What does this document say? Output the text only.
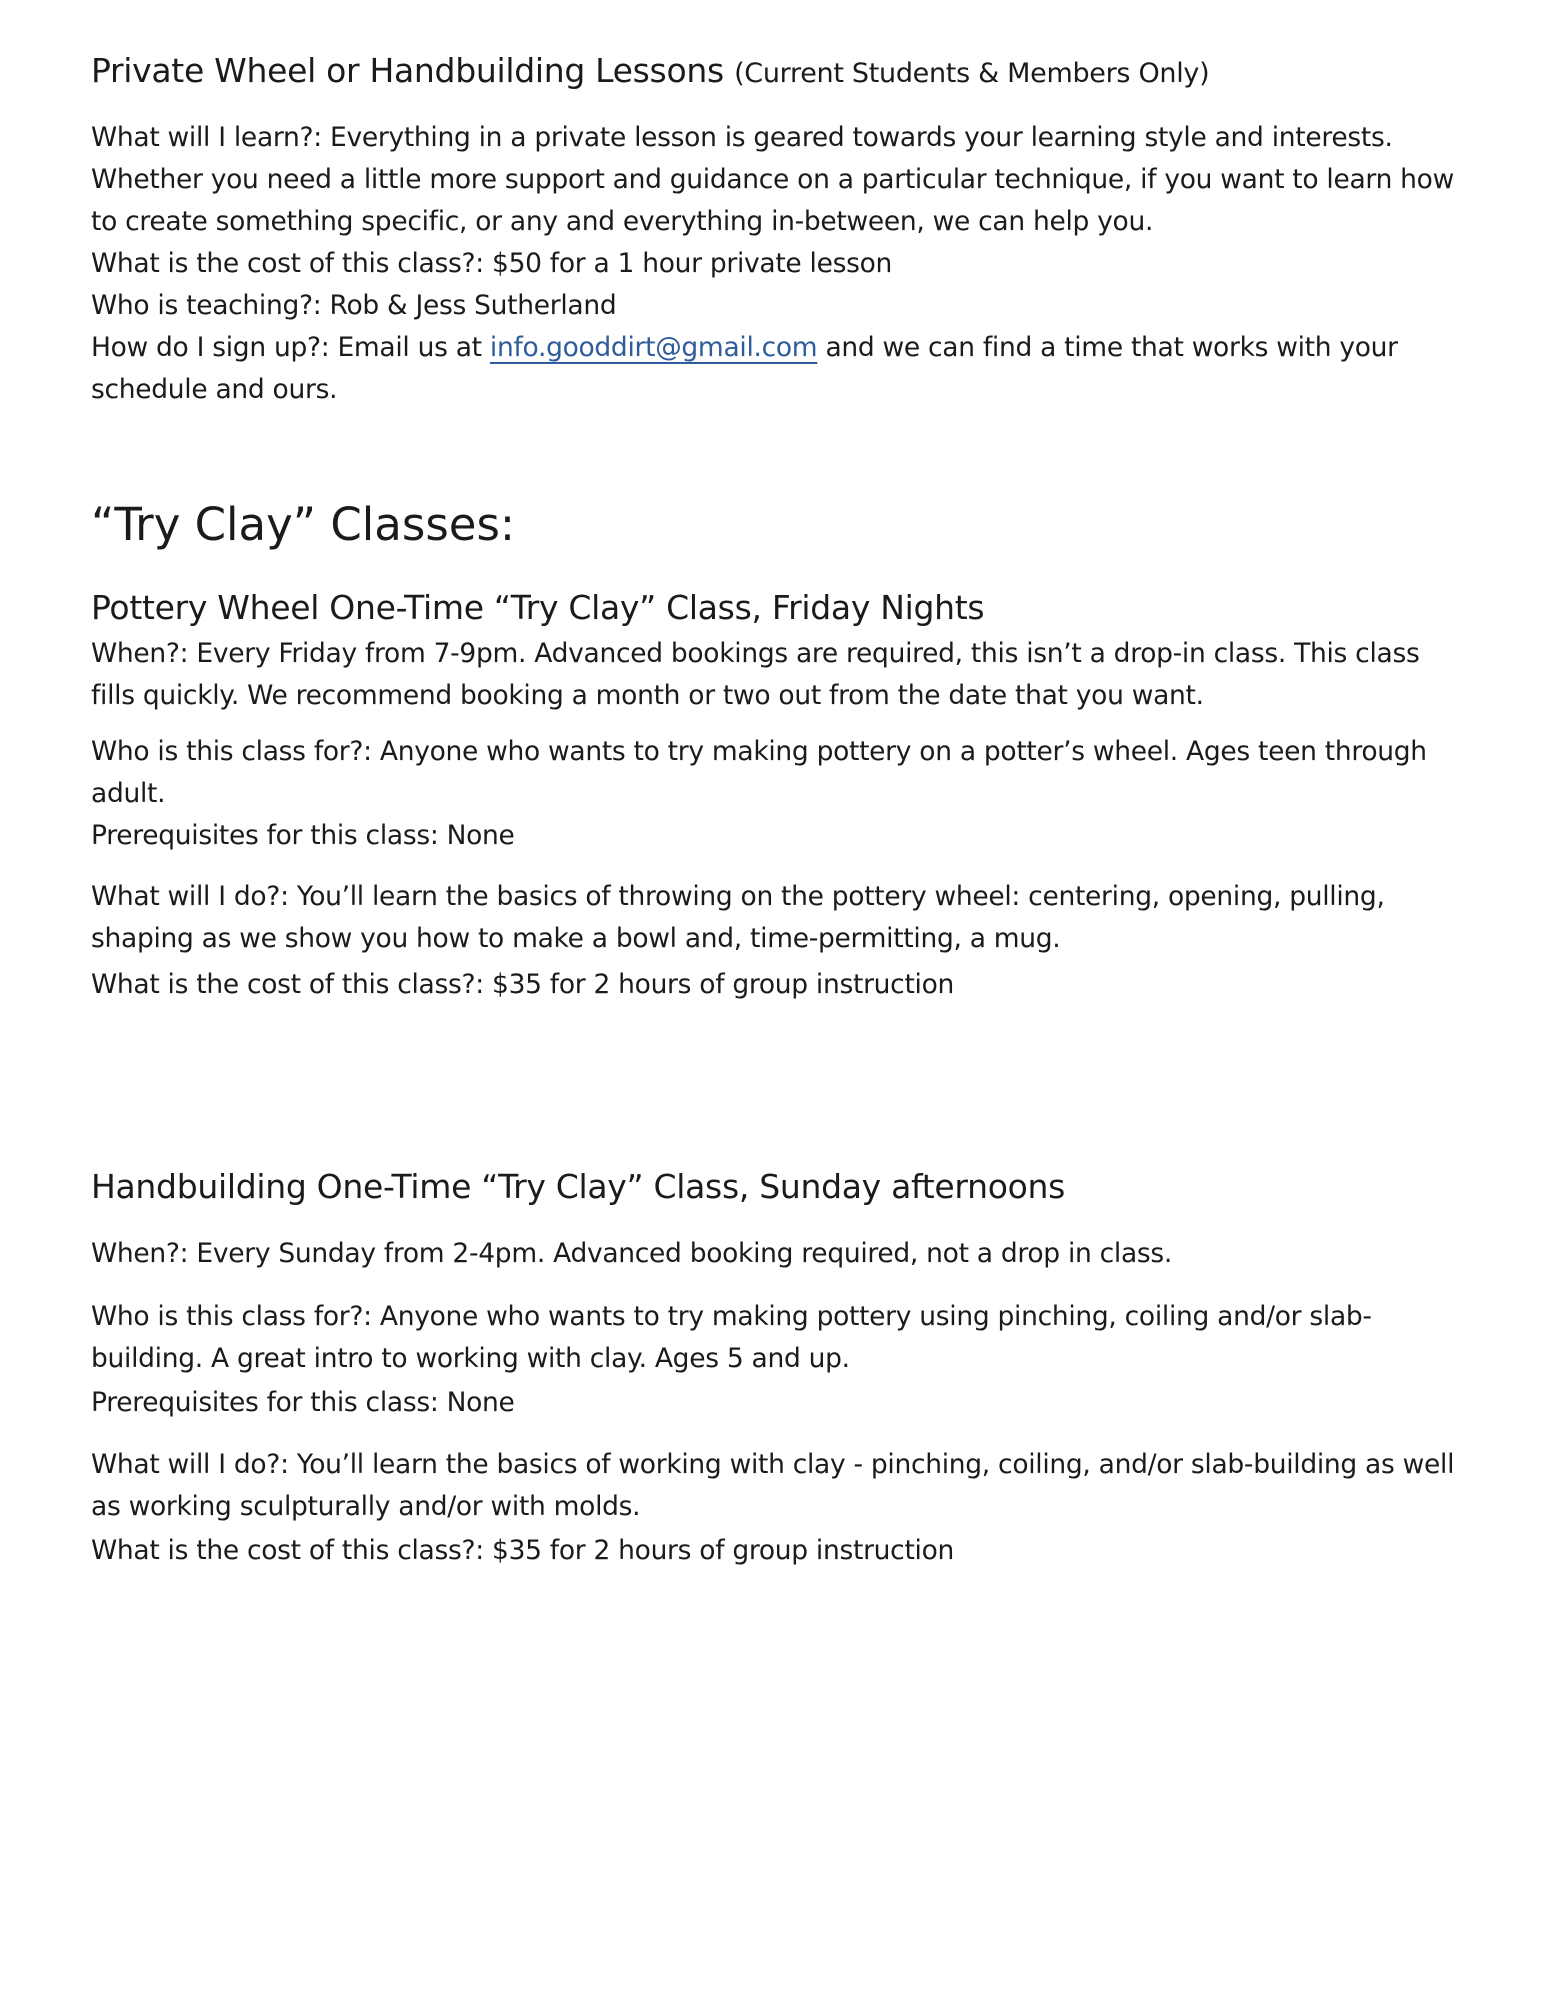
Private Wheel or Handbuilding Lessons (Current Students & Members Only)
What will I learn?: Everything in a private lesson is geared towards your learning style and interests. Whether you need a little more support and guidance on a particular technique, if you want to learn how to create something specific, or any and everything in-between, we can help you.
What is the cost of this class?: $50 for a 1 hour private lesson
Who is teaching?: Rob & Jess Sutherland
How do I sign up?: Email us at info.gooddirt@gmail.com and we can find a time that works with your schedule and ours.
“Try Clay” Classes:
Pottery Wheel One-Time “Try Clay” Class, Friday Nights
When?: Every Friday from 7-9pm. Advanced bookings are required, this isn’t a drop-in class. This class fills quickly. We recommend booking a month or two out from the date that you want.
Who is this class for?: Anyone who wants to try making pottery on a potter’s wheel. Ages teen through adult.
Prerequisites for this class: None
What will I do?: You’ll learn the basics of throwing on the pottery wheel: centering, opening, pulling, shaping as we show you how to make a bowl and, time-permitting, a mug.
What is the cost of this class?: $35 for 2 hours of group instruction
Handbuilding One-Time “Try Clay” Class, Sunday afternoons
When?: Every Sunday from 2-4pm. Advanced booking required, not a drop in class.
Who is this class for?: Anyone who wants to try making pottery using pinching, coiling and/or slab-building. A great intro to working with clay. Ages 5 and up.
Prerequisites for this class: None
What will I do?: You’ll learn the basics of working with clay - pinching, coiling, and/or slab-building as well as working sculpturally and/or with molds.
What is the cost of this class?: $35 for 2 hours of group instruction
